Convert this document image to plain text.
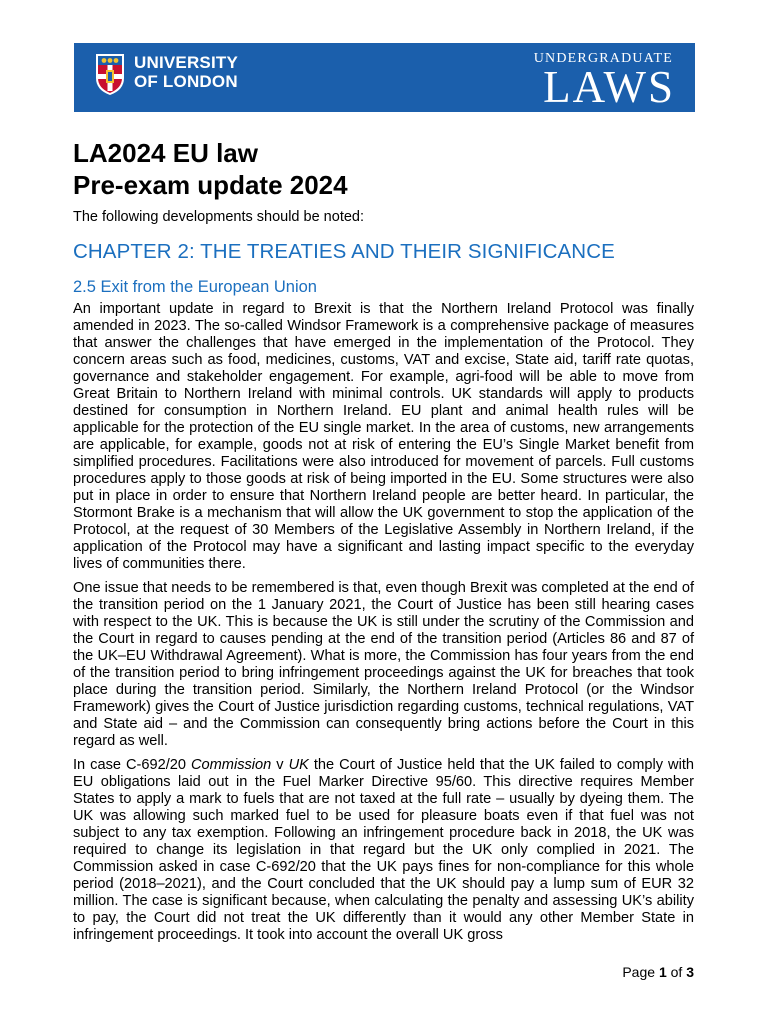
UNIVERSITY
OF LONDON
UNDERGRADUATE
LAWS
LA2024 EU law
Pre-exam update 2024

The following developments should be noted:

CHAPTER 2: THE TREATIES AND THEIR SIGNIFICANCE
2.5 Exit from the European Union

An important update in regard to Brexit is that the Northern Ireland Protocol was finally amended in 2023. The so-called Windsor Framework is a comprehensive package of measures that answer the challenges that have emerged in the implementation of the Protocol. They concern areas such as food, medicines, customs, VAT and excise, State aid, tariff rate quotas, governance and stakeholder engagement. For example, agri-food will be able to move from Great Britain to Northern Ireland with minimal controls. UK standards will apply to products destined for consumption in Northern Ireland. EU plant and animal health rules will be applicable for the protection of the EU single market. In the area of customs, new arrangements are applicable, for example, goods not at risk of entering the EU’s Single Market benefit from simplified procedures. Facilitations were also introduced for movement of parcels. Full customs procedures apply to those goods at risk of being imported in the EU. Some structures were also put in place in order to ensure that Northern Ireland people are better heard. In particular, the Stormont Brake is a mechanism that will allow the UK government to stop the application of the Protocol, at the request of 30 Members of the Legislative Assembly in Northern Ireland, if the application of the Protocol may have a significant and lasting impact specific to the everyday lives of communities there.

One issue that needs to be remembered is that, even though Brexit was completed at the end of the transition period on the 1 January 2021, the Court of Justice has been still hearing cases with respect to the UK. This is because the UK is still under the scrutiny of the Commission and the Court in regard to causes pending at the end of the transition period (Articles 86 and 87 of the UK–EU Withdrawal Agreement). What is more, the Commission has four years from the end of the transition period to bring infringement proceedings against the UK for breaches that took place during the transition period. Similarly, the Northern Ireland Protocol (or the Windsor Framework) gives the Court of Justice jurisdiction regarding customs, technical regulations, VAT and State aid – and the Commission can consequently bring actions before the Court in this regard as well.

In case C-692/20 Commission v UK the Court of Justice held that the UK failed to comply with EU obligations laid out in the Fuel Marker Directive 95/60. This directive requires Member States to apply a mark to fuels that are not taxed at the full rate – usually by dyeing them. The UK was allowing such marked fuel to be used for pleasure boats even if that fuel was not subject to any tax exemption. Following an infringement procedure back in 2018, the UK was required to change its legislation in that regard but the UK only complied in 2021. The Commission asked in case C-692/20 that the UK pays fines for non-compliance for this whole period (2018–2021), and the Court concluded that the UK should pay a lump sum of EUR 32 million. The case is significant because, when calculating the penalty and assessing UK’s ability to pay, the Court did not treat the UK differently than it would any other Member State in infringement proceedings. It took into account the overall UK gross

Page 1 of 3
